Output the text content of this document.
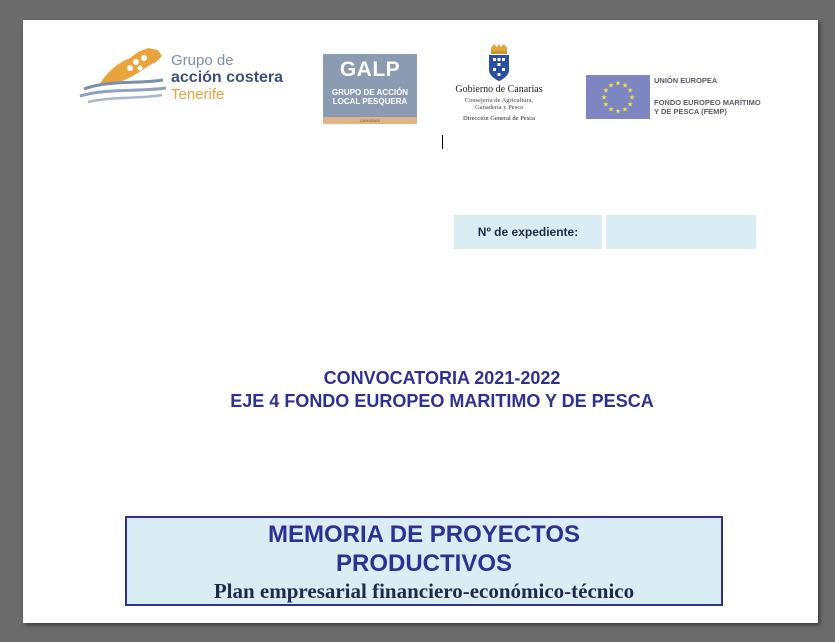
Grupo de
acción costera
Tenerife
GALP
GRUPO DE ACCIÓN
LOCAL PESQUERA
CANARIAS
Gobierno de Canarias
Consejería de Agricultura,
Ganadería y Pesca
Dirección General de Pesca
★ ★
★
★
★
★
★
★
★
★
★
★
UNIÓN EUROPEA
FONDO EUROPEO MARÍTIMO
Y DE PESCA (FEMP)
Nº de expediente:
CONVOCATORIA 2021-2022
EJE 4 FONDO EUROPEO MARITIMO Y DE PESCA
MEMORIA DE PROYECTOS
PRODUCTIVOS
Plan empresarial financiero-económico-técnico
